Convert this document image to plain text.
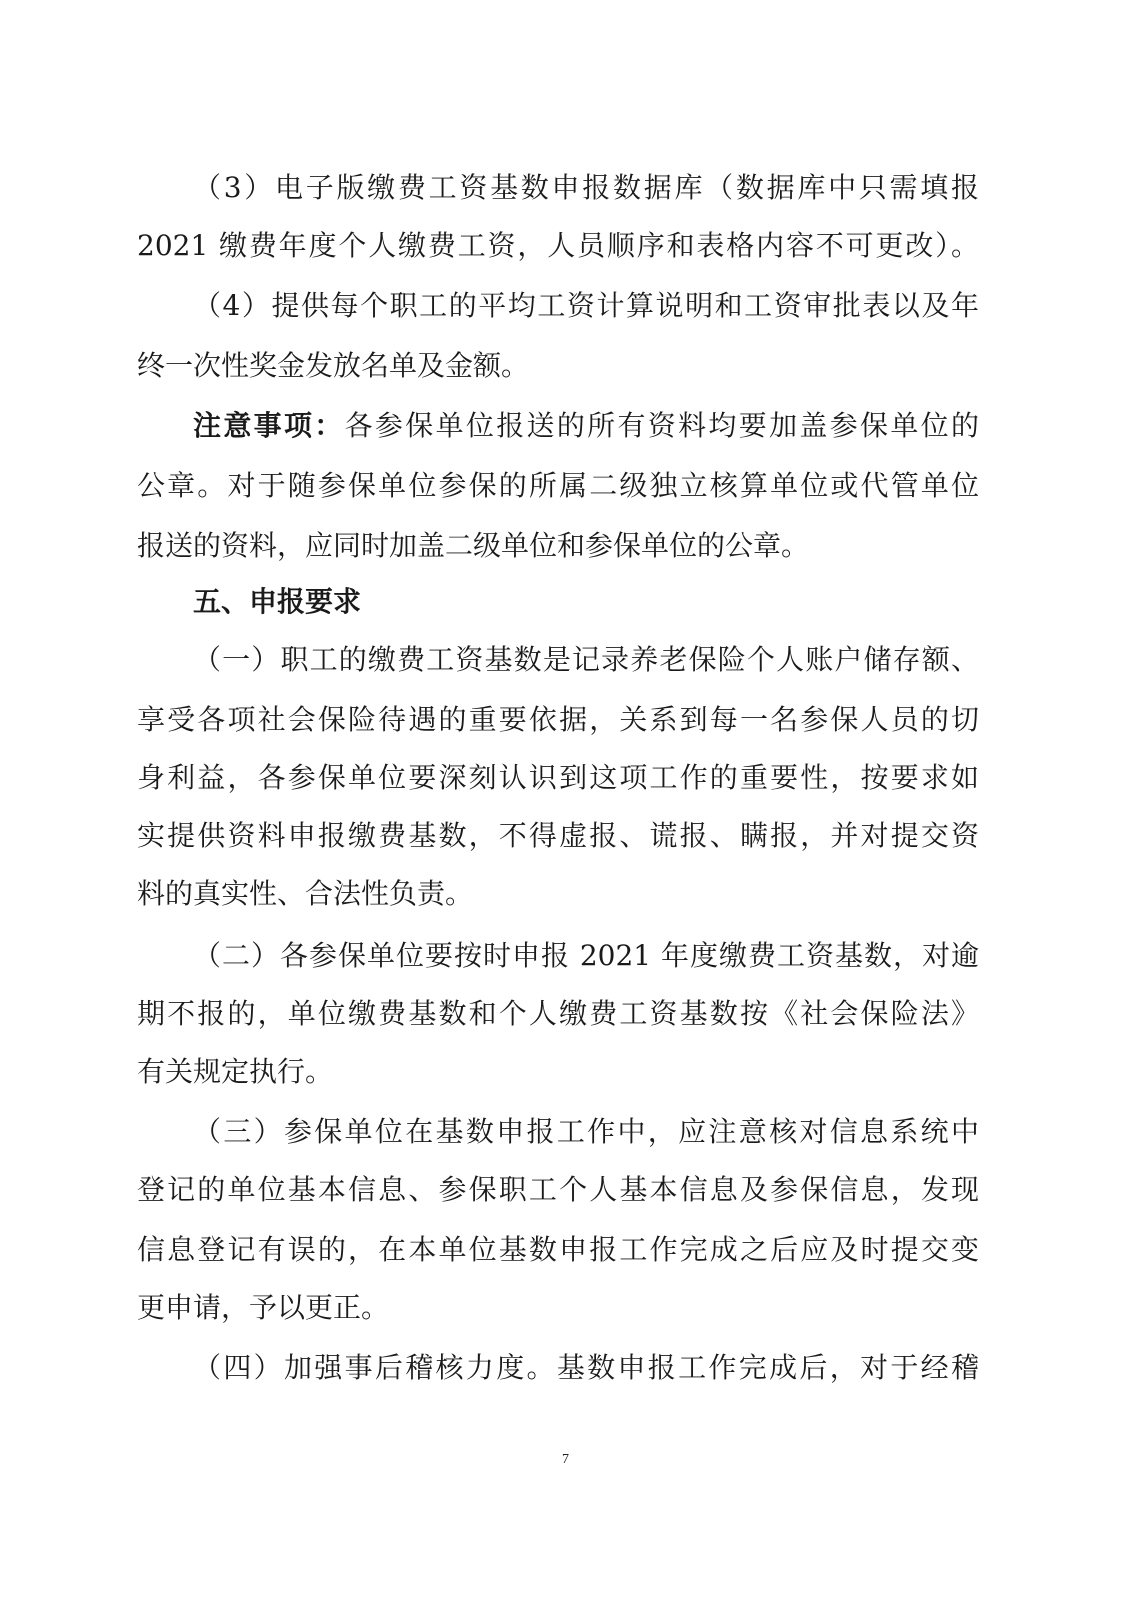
（3）电子版缴费工资基数申报数据库（数据库中只需填报
2021 缴费年度个人缴费工资，人员顺序和表格内容不可更改）。
（4）提供每个职工的平均工资计算说明和工资审批表以及年
终一次性奖金发放名单及金额。
注意事项：各参保单位报送的所有资料均要加盖参保单位的
公章。对于随参保单位参保的所属二级独立核算单位或代管单位
报送的资料，应同时加盖二级单位和参保单位的公章。
五、申报要求
（一）职工的缴费工资基数是记录养老保险个人账户储存额、
享受各项社会保险待遇的重要依据，关系到每一名参保人员的切
身利益，各参保单位要深刻认识到这项工作的重要性，按要求如
实提供资料申报缴费基数，不得虚报、谎报、瞒报，并对提交资
料的真实性、合法性负责。
（二）各参保单位要按时申报 2021 年度缴费工资基数，对逾
期不报的，单位缴费基数和个人缴费工资基数按《社会保险法》
有关规定执行。
（三）参保单位在基数申报工作中，应注意核对信息系统中
登记的单位基本信息、参保职工个人基本信息及参保信息，发现
信息登记有误的，在本单位基数申报工作完成之后应及时提交变
更申请，予以更正。
（四）加强事后稽核力度。基数申报工作完成后，对于经稽
7
